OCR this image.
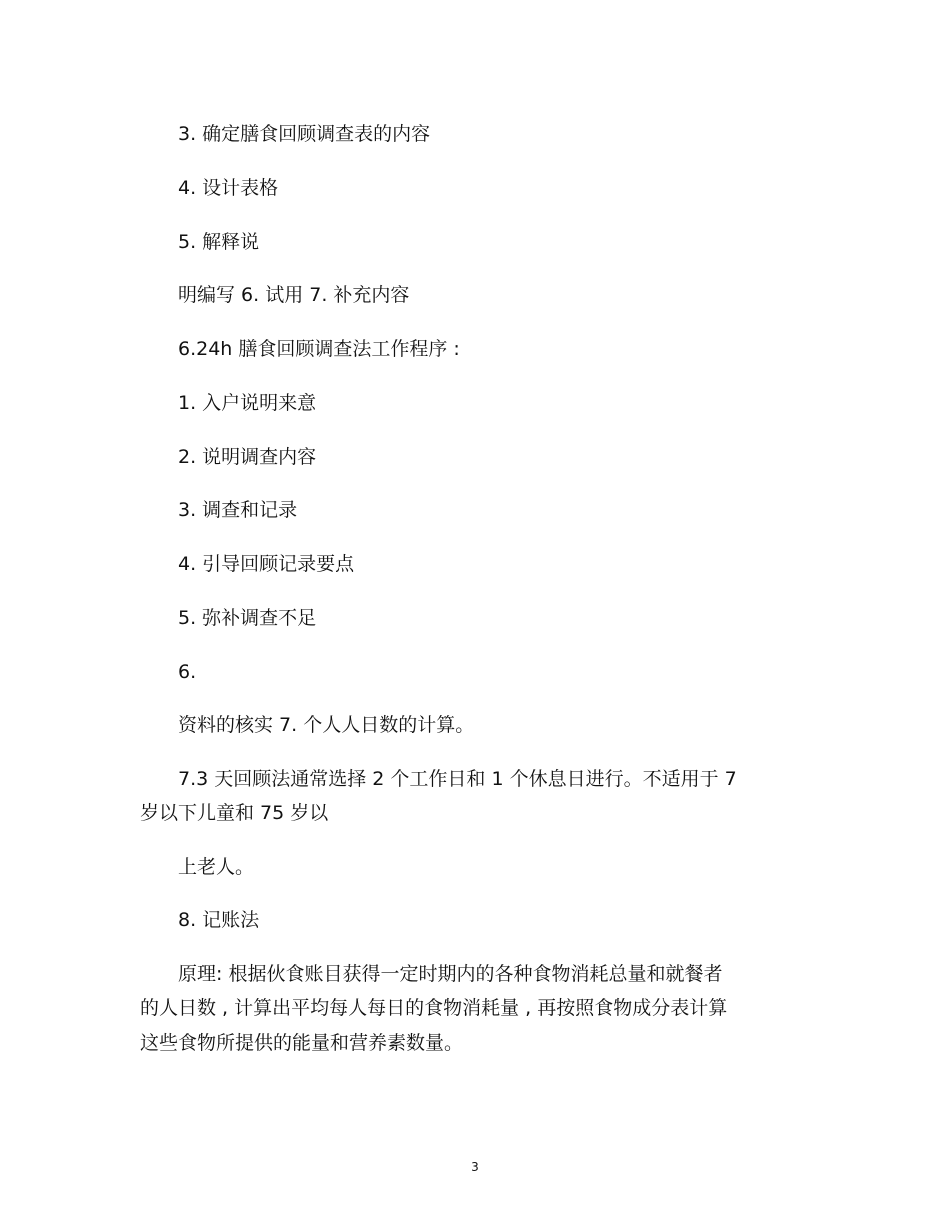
3. 确定膳食回顾调查表的内容
4. 设计表格
5. 解释说
明编写 6. 试用 7. 补充内容
6.24h 膳食回顾调查法工作程序 :
1. 入户说明来意
2. 说明调查内容
3. 调查和记录
4. 引导回顾记录要点
5. 弥补调查不足
6.
资料的核实 7. 个人人日数的计算。
7.3 天回顾法通常选择 2 个工作日和 1 个休息日进行。不适用于 7
岁以下儿童和 75 岁以
上老人。
8. 记账法
原理: 根据伙食账目获得一定时期内的各种食物消耗总量和就餐者
的人日数 , 计算出平均每人每日的食物消耗量 , 再按照食物成分表计算
这些食物所提供的能量和营养素数量。
3
